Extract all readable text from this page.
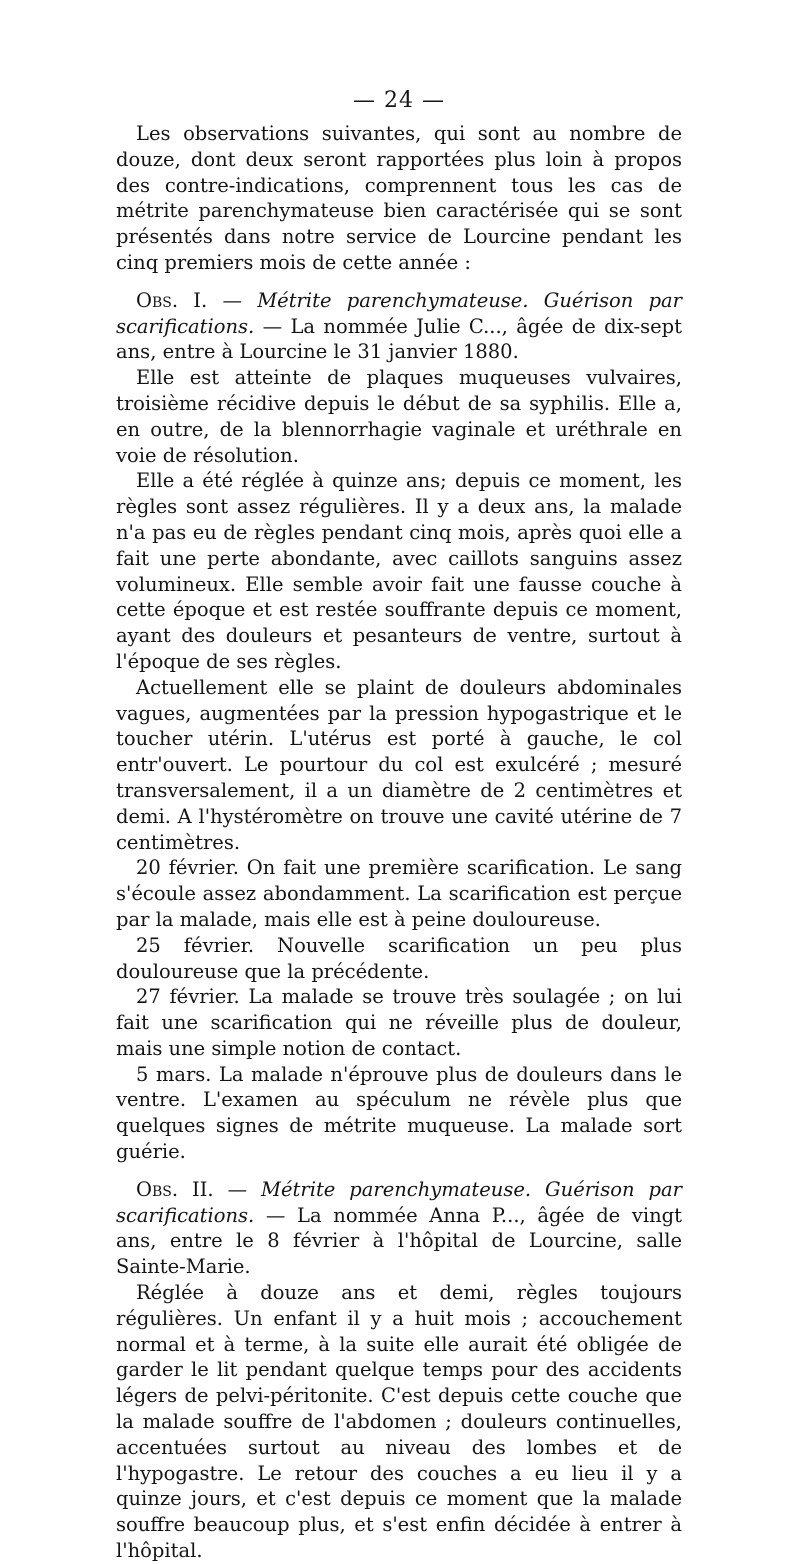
— 24 —

Les observations suivantes, qui sont au nombre de douze, dont deux seront rapportées plus loin à propos des contre-indications, comprennent tous les cas de métrite parenchymateuse bien caractérisée qui se sont présentés dans notre service de Lourcine pendant les cinq premiers mois de cette année :

Obs. I. — Métrite parenchymateuse. Guérison par scarifications. — La nommée Julie C..., âgée de dix-sept ans, entre à Lourcine le 31 janvier 1880.

Elle est atteinte de plaques muqueuses vulvaires, troisième récidive depuis le début de sa syphilis. Elle a, en outre, de la blennorrhagie vaginale et uréthrale en voie de résolution.

Elle a été réglée à quinze ans; depuis ce moment, les règles sont assez régulières. Il y a deux ans, la malade n'a pas eu de règles pendant cinq mois, après quoi elle a fait une perte abondante, avec caillots sanguins assez volumineux. Elle semble avoir fait une fausse couche à cette époque et est restée souffrante depuis ce moment, ayant des douleurs et pesanteurs de ventre, surtout à l'époque de ses règles.

Actuellement elle se plaint de douleurs abdominales vagues, augmentées par la pression hypogastrique et le toucher utérin. L'utérus est porté à gauche, le col entr'ouvert. Le pourtour du col est exulcéré ; mesuré transversalement, il a un diamètre de 2 centimètres et demi. A l'hystéromètre on trouve une cavité utérine de 7 centimètres.

20 février. On fait une première scarification. Le sang s'écoule assez abondamment. La scarification est perçue par la malade, mais elle est à peine douloureuse.

25 février. Nouvelle scarification un peu plus douloureuse que la précédente.

27 février. La malade se trouve très soulagée ; on lui fait une scarification qui ne réveille plus de douleur, mais une simple notion de contact.

5 mars. La malade n'éprouve plus de douleurs dans le ventre. L'examen au spéculum ne révèle plus que quelques signes de métrite muqueuse. La malade sort guérie.

Obs. II. — Métrite parenchymateuse. Guérison par scarifications. — La nommée Anna P..., âgée de vingt ans, entre le 8 février à l'hôpital de Lourcine, salle Sainte-Marie.

Réglée à douze ans et demi, règles toujours régulières. Un enfant il y a huit mois ; accouchement normal et à terme, à la suite elle aurait été obligée de garder le lit pendant quelque temps pour des accidents légers de pelvi-péritonite. C'est depuis cette couche que la malade souffre de l'abdomen ; douleurs continuelles, accentuées surtout au niveau des lombes et de l'hypogastre. Le retour des couches a eu lieu il y a quinze jours, et c'est depuis ce moment que la malade souffre beaucoup plus, et s'est enfin décidée à entrer à l'hôpital.
